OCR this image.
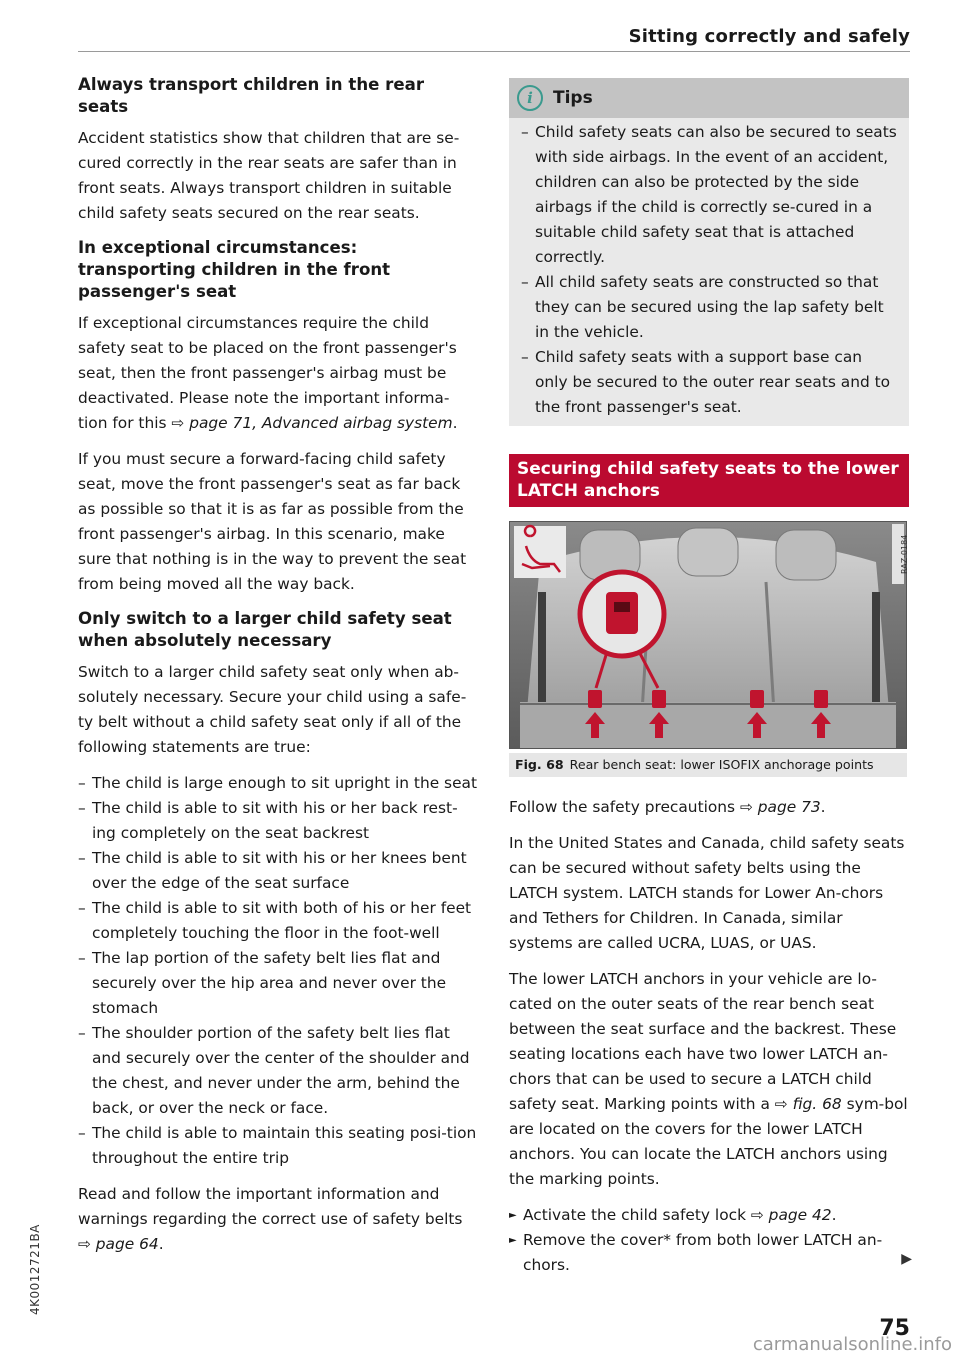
Sitting correctly and safely
Always transport children in the rear seats

Accident statistics show that children that are se-cured correctly in the rear seats are safer than in front seats. Always transport children in suitable child safety seats secured on the rear seats.

In exceptional circumstances: transporting children in the front passenger's seat

If exceptional circumstances require the child safety seat to be placed on the front passenger's seat, then the front passenger's airbag must be deactivated. Please note the important informa-tion for this ⇨ page 71, Advanced airbag system.

If you must secure a forward-facing child safety seat, move the front passenger's seat as far back as possible so that it is as far as possible from the front passenger's airbag. In this scenario, make sure that nothing is in the way to prevent the seat from being moved all the way back.

Only switch to a larger child safety seat when absolutely necessary

Switch to a larger child safety seat only when ab-solutely necessary. Secure your child using a safe-ty belt without a child safety seat only if all of the following statements are true:

– The child is large enough to sit upright in the seat
– The child is able to sit with his or her back rest-ing completely on the seat backrest
– The child is able to sit with his or her knees bent over the edge of the seat surface
– The child is able to sit with both of his or her feet completely touching the floor in the foot-well
– The lap portion of the safety belt lies flat and securely over the hip area and never over the stomach
– The shoulder portion of the safety belt lies flat and securely over the center of the shoulder and the chest, and never under the arm, behind the back, or over the neck or face.
– The child is able to maintain this seating posi-tion throughout the entire trip

Read and follow the important information and warnings regarding the correct use of safety belts ⇨ page 64.

i	Tips
– Child safety seats can also be secured to seats with side airbags. In the event of an accident, children can also be protected by the side airbags if the child is correctly se-cured in a suitable child safety seat that is attached correctly.
– All child safety seats are constructed so that they can be secured using the lap safety belt in the vehicle.
– Child safety seats with a support base can only be secured to the outer rear seats and to the front passenger's seat.
Securing child safety seats to the lower LATCH anchors
RAZ-0184
Fig. 68 Rear bench seat: lower ISOFIX anchorage points

Follow the safety precautions ⇨ page 73.

In the United States and Canada, child safety seats can be secured without safety belts using the LATCH system. LATCH stands for Lower An-chors and Tethers for Children. In Canada, similar systems are called UCRA, LUAS, or UAS.

The lower LATCH anchors in your vehicle are lo-cated on the outer seats of the rear bench seat between the seat surface and the backrest. These seating locations each have two lower LATCH an-chors that can be used to secure a LATCH child safety seat. Marking points with a ⇨ fig. 68 sym-bol are located on the covers for the lower LATCH anchors. You can locate the LATCH anchors using the marking points.

► Activate the child safety lock ⇨ page 42.
► Remove the cover* from both lower LATCH an-chors.
4K0012721BA	▶
75
carmanualsonline.info
